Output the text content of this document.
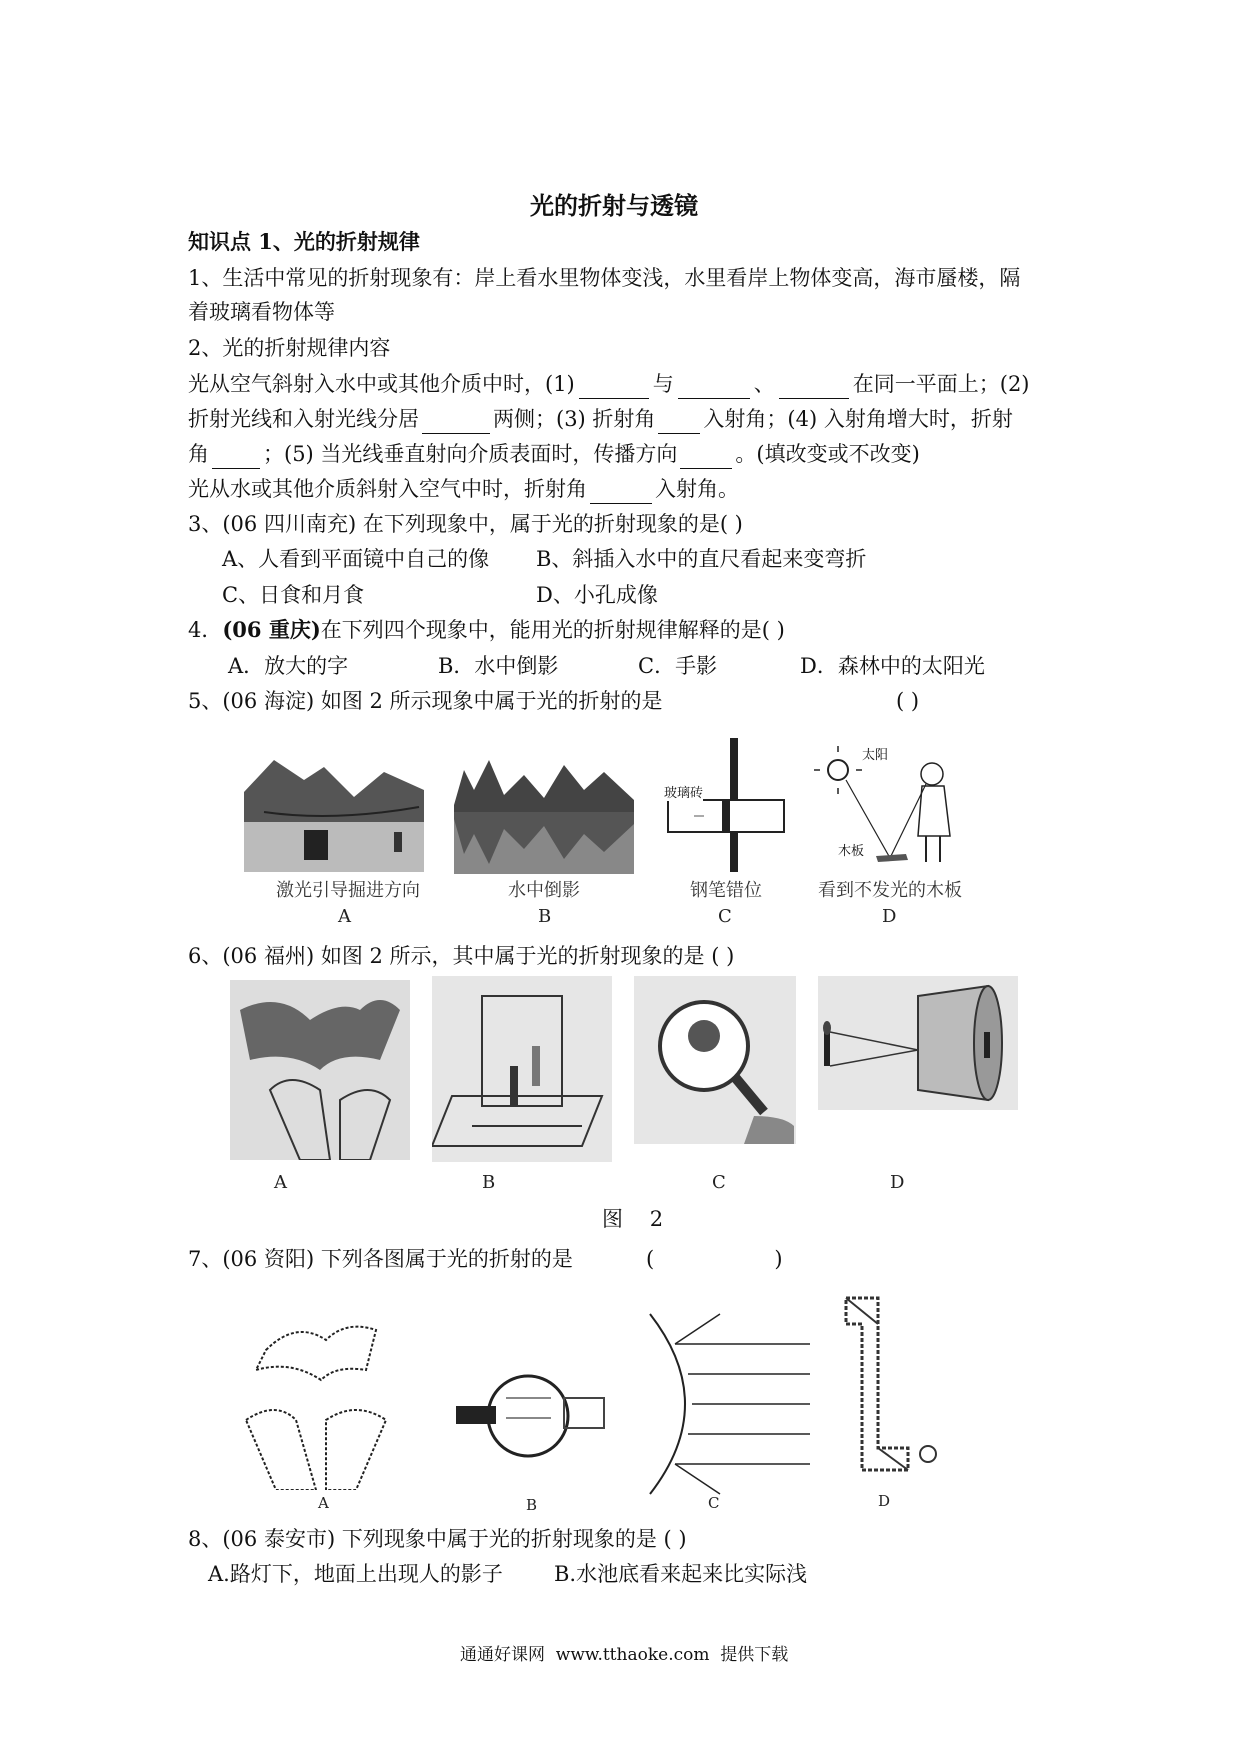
光的折射与透镜
知识点 1、光的折射规律
1、生活中常见的折射现象有：岸上看水里物体变浅，水里看岸上物体变高，海市蜃楼，隔
着玻璃看物体等
2、光的折射规律内容
光从空气斜射入水中或其他介质中时，(1)	与	、	在同一平面上；(2)
折射光线和入射光线分居	两侧；(3) 折射角 入射角；(4) 入射角增大时，折射
角	；(5) 当光线垂直射向介质表面时，传播方向	。(填改变或不改变)
光从水或其他介质斜射入空气中时，折射角	入射角。
3、(06 四川南充) 在下列现象中，属于光的折射现象的是( )
A、人看到平面镜中自己的像 B、斜插入水中的直尺看起来变弯折
C、日食和月食	D、小孔成像
4．(06 重庆)在下列四个现象中，能用光的折射规律解释的是( )
A．放大的字	B．水中倒影	C．手影	D．森林中的太阳光
5、(06 海淀) 如图 2 所示现象中属于光的折射的是	( )
激光引导掘进方向
A
水中倒影
B
玻璃砖
钢笔错位
C
太阳
木板
看到不发光的木板
D
6、(06 福州) 如图 2 所示，其中属于光的折射现象的是 ( )
A	B	C	D
图    2
7、(06 资阳) 下列各图属于光的折射的是	(                  )
A	B	C	D
8、(06 泰安市) 下列现象中属于光的折射现象的是 ( )
A.路灯下，地面上出现人的影子 B.水池底看来起来比实际浅
通通好课网  www.tthaoke.com  提供下载
